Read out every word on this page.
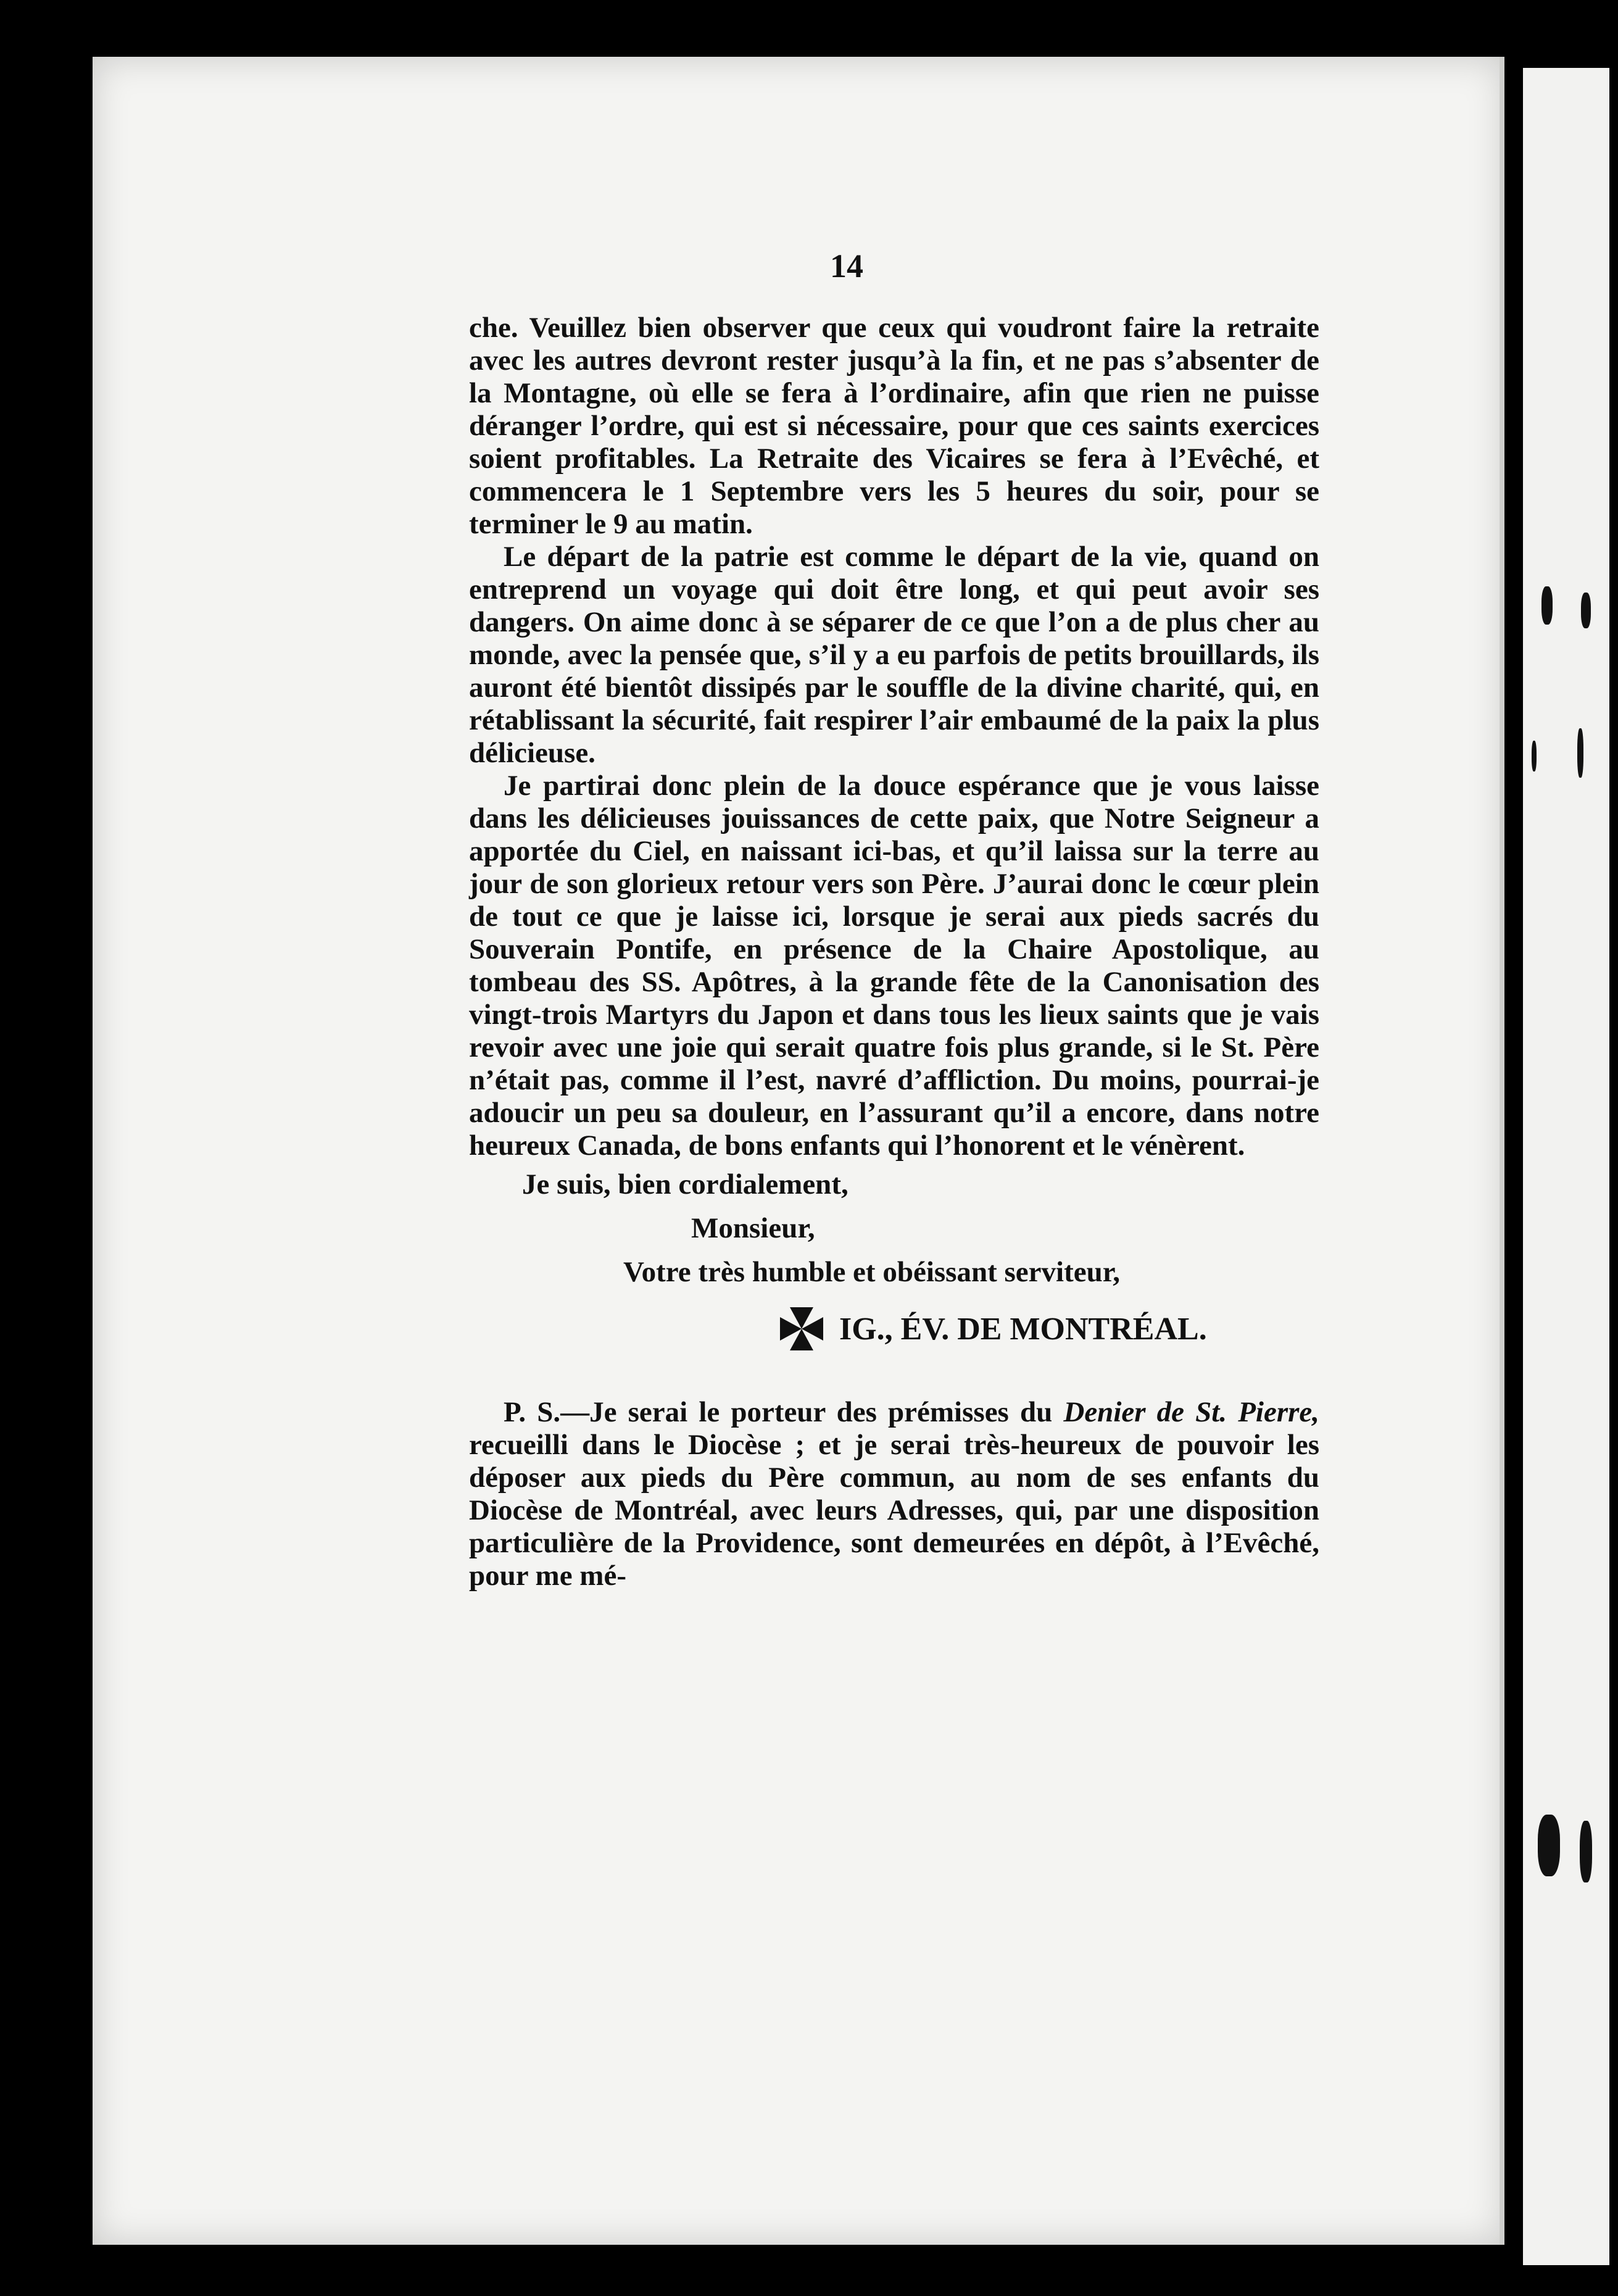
14

che. Veuillez bien observer que ceux qui voudront faire la retraite avec les autres devront rester jusqu’à la fin, et ne pas s’absenter de la Montagne, où elle se fera à l’ordinaire, afin que rien ne puisse déranger l’ordre, qui est si nécessaire, pour que ces saints exercices soient profitables. La Retraite des Vicaires se fera à l’Evêché, et commencera le 1 Septembre vers les 5 heures du soir, pour se terminer le 9 au matin.

Le départ de la patrie est comme le départ de la vie, quand on entreprend un voyage qui doit être long, et qui peut avoir ses dangers. On aime donc à se séparer de ce que l’on a de plus cher au monde, avec la pensée que, s’il y a eu parfois de petits brouillards, ils auront été bientôt dissipés par le souffle de la divine charité, qui, en rétablissant la sécurité, fait respirer l’air embaumé de la paix la plus délicieuse.

Je partirai donc plein de la douce espérance que je vous laisse dans les délicieuses jouissances de cette paix, que Notre Seigneur a apportée du Ciel, en naissant ici-bas, et qu’il laissa sur la terre au jour de son glorieux retour vers son Père. J’aurai donc le cœur plein de tout ce que je laisse ici, lorsque je serai aux pieds sacrés du Souverain Pontife, en présence de la Chaire Apostolique, au tombeau des SS. Apôtres, à la grande fête de la Canonisation des vingt-trois Martyrs du Japon et dans tous les lieux saints que je vais revoir avec une joie qui serait quatre fois plus grande, si le St. Père n’était pas, comme il l’est, navré d’affliction. Du moins, pourrai-je adoucir un peu sa douleur, en l’assurant qu’il a encore, dans notre heureux Canada, de bons enfants qui l’honorent et le vénèrent.

Je suis, bien cordialement,

Monsieur,

Votre très humble et obéissant serviteur,

IG., ÉV. DE MONTRÉAL.

P. S.—Je serai le porteur des prémisses du Denier de St. Pierre, recueilli dans le Diocèse ; et je serai très-heureux de pouvoir les déposer aux pieds du Père commun, au nom de ses enfants du Diocèse de Montréal, avec leurs Adresses, qui, par une disposition particulière de la Providence, sont demeurées en dépôt, à l’Evêché, pour me mé-
